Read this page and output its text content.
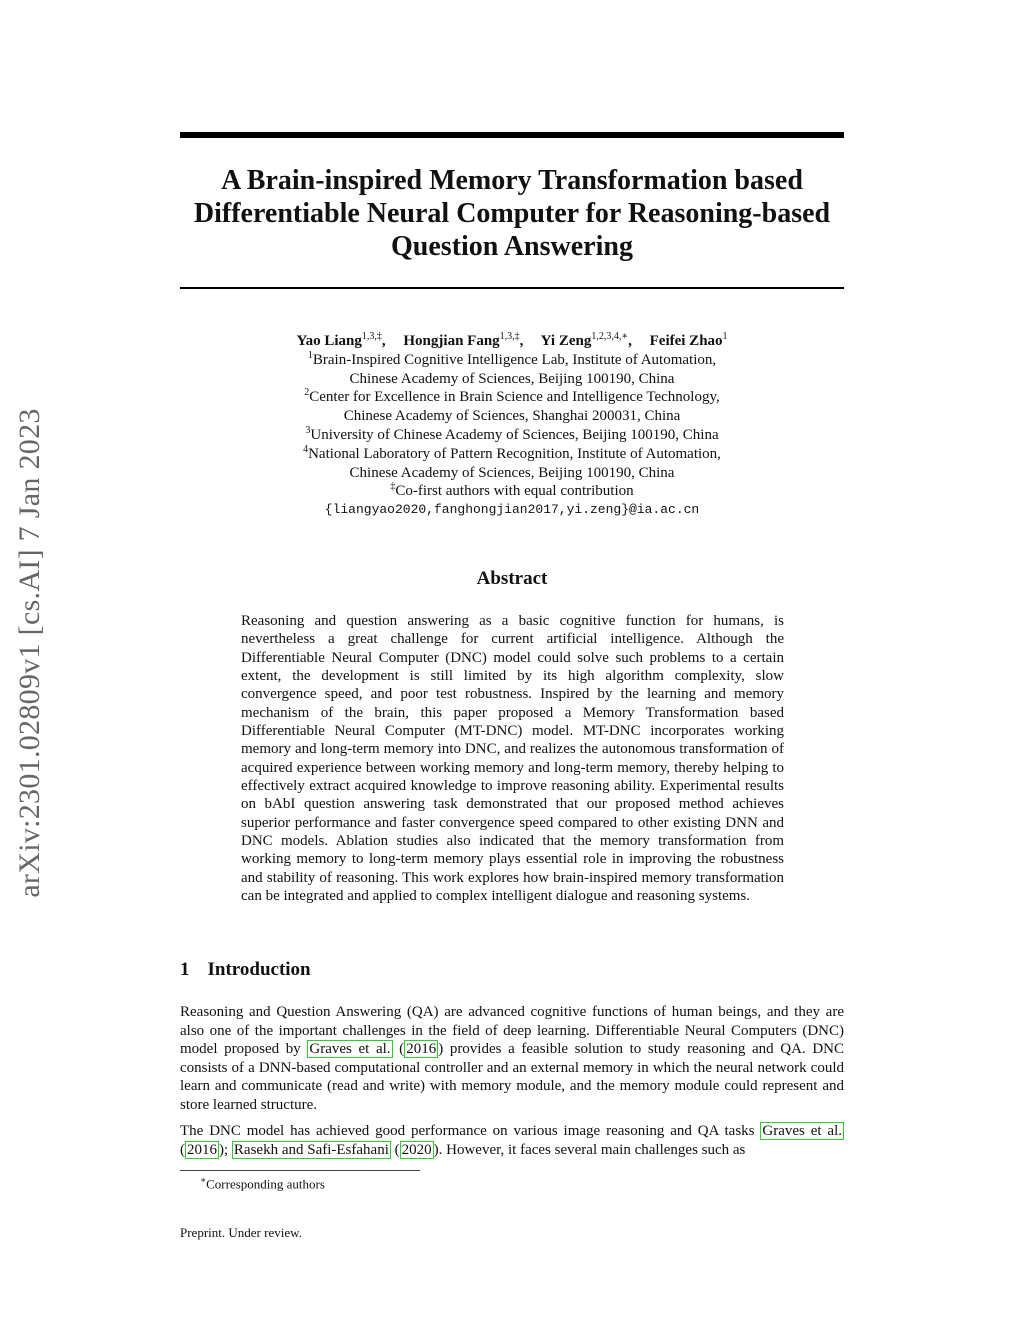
arXiv:2301.02809v1 [cs.AI] 7 Jan 2023
A Brain-inspired Memory Transformation based Differentiable Neural Computer for Reasoning-based Question Answering
Yao Liang$^{1,3,\ddagger}$, Hongjian Fang$^{1,3,\ddagger}$, Yi Zeng$^{1,2,3,4,∗}$, Feifei Zhao$^1$
$^1$Brain-Inspired Cognitive Intelligence Lab, Institute of Automation,
Chinese Academy of Sciences, Beijing 100190, China
$^2$Center for Excellence in Brain Science and Intelligence Technology,
Chinese Academy of Sciences, Shanghai 200031, China
$^3$University of Chinese Academy of Sciences, Beijing 100190, China
$^4$National Laboratory of Pattern Recognition, Institute of Automation,
Chinese Academy of Sciences, Beijing 100190, China
‡Co-first authors with equal contribution
{liangyao2020,fanghongjian2017,yi.zeng}@ia.ac.cn
Abstract

Reasoning and question answering as a basic cognitive function for humans, is nevertheless a great challenge for current artificial intelligence. Although the Differentiable Neural Computer (DNC) model could solve such problems to a certain extent, the development is still limited by its high algorithm complexity, slow convergence speed, and poor test robustness. Inspired by the learning and memory mechanism of the brain, this paper proposed a Memory Transformation based Differentiable Neural Computer (MT-DNC) model. MT-DNC incorporates working memory and long-term memory into DNC, and realizes the autonomous transformation of acquired experience between working memory and long-term memory, thereby helping to effectively extract acquired knowledge to improve reasoning ability. Experimental results on bAbI question answering task demonstrated that our proposed method achieves superior performance and faster convergence speed compared to other existing DNN and DNC models. Ablation studies also indicated that the memory transformation from working memory to long-term memory plays essential role in improving the robustness and stability of reasoning. This work explores how brain-inspired memory transformation can be integrated and applied to complex intelligent dialogue and reasoning systems.

1 Introduction

Reasoning and Question Answering (QA) are advanced cognitive functions of human beings, and they are also one of the important challenges in the field of deep learning. Differentiable Neural Computers (DNC) model proposed by Graves et al. ( 2016 ) provides a feasible solution to study reasoning and QA. DNC consists of a DNN-based computational controller and an external memory in which the neural network could learn and communicate (read and write) with memory module, and the memory module could represent and store learned structure.

The DNC model has achieved good performance on various image reasoning and QA tasks Graves et al. ( 2016 ); Rasekh and Safi-Esfahani ( 2020 ). However, it faces several main challenges such as

∗Corresponding authors
Preprint. Under review.
